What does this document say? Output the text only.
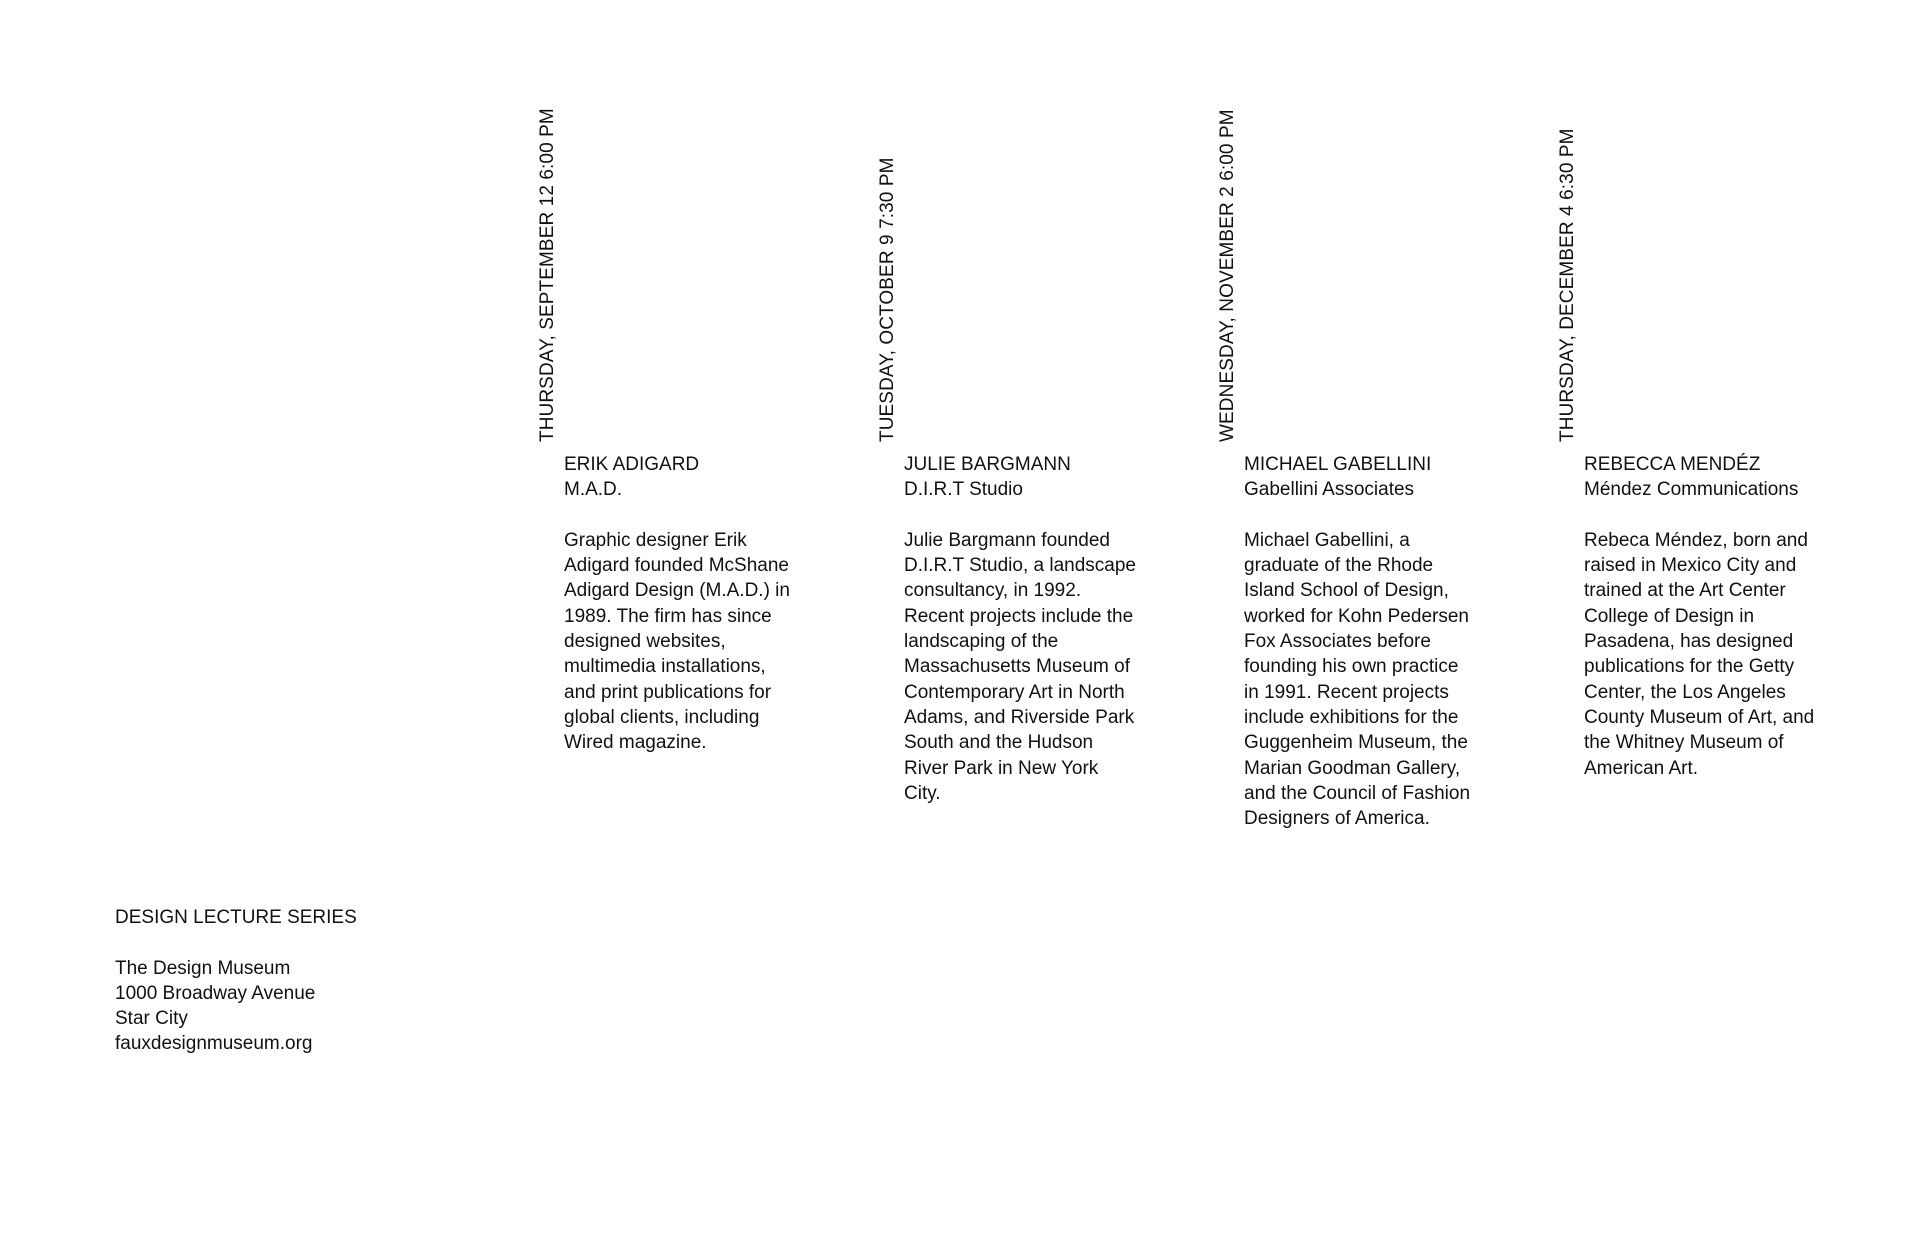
THURSDAY, SEPTEMBER 12 6:00 PM
ERIK ADIGARD
M.A.D.

Graphic designer Erik Adigard founded McShane Adigard Design (M.A.D.) in 1989. The firm has since designed websites, multimedia installations, and print publications for global clients, including Wired magazine.

TUESDAY, OCTOBER 9 7:30 PM
JULIE BARGMANN
D.I.R.T Studio

Julie Bargmann founded D.I.R.T Studio, a landscape consultancy, in 1992. Recent projects include the landscaping of the Massachusetts Museum of Contemporary Art in North Adams, and Riverside Park South and the Hudson River Park in New York City.

WEDNESDAY, NOVEMBER 2 6:00 PM
MICHAEL GABELLINI
Gabellini Associates

Michael Gabellini, a graduate of the Rhode Island School of Design, worked for Kohn Pedersen Fox Associates before founding his own practice in 1991. Recent projects include exhibitions for the Guggenheim Museum, the Marian Goodman Gallery, and the Council of Fashion Designers of America.

THURSDAY, DECEMBER 4 6:30 PM
REBECCA MENDÉZ
Méndez Communications

Rebeca Méndez, born and raised in Mexico City and trained at the Art Center College of Design in Pasadena, has designed publications for the Getty Center, the Los Angeles County Museum of Art, and the Whitney Museum of American Art.

DESIGN LECTURE SERIES
The Design Museum
1000 Broadway Avenue
Star City
fauxdesignmuseum.org
